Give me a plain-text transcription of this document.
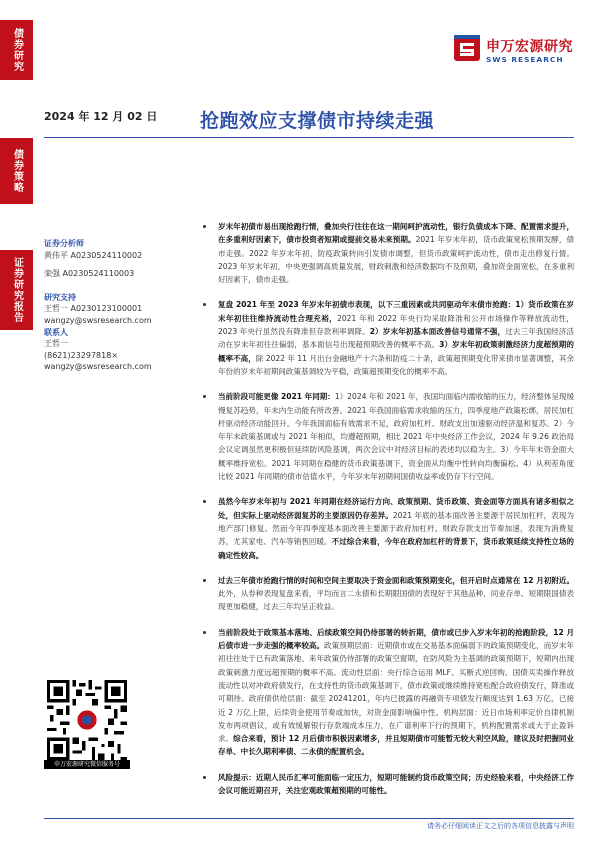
债券研究
债券策略
证券研究报告
申万宏源研究
SWS RESEARCH
2024 年 12 月 02 日 抢跑效应支撑债市持续走强
证券分析师
黄伟平 A0230524110002
栾强 A0230524110003
研究支持
王哲一 A0230123100001
wangzy@swsresearch.com
联系人
王哲一
(8621)23297818×
wangzy@swsresearch.com
申万宏源研究微信服务号
岁末年初债市易出现抢跑行情，叠加央行往往在这一期间呵护流动性，银行负债成本下降、配置需求提升，在多重利好因素下，债市投资者短期或提前交易未来预期。2021 年岁末年初，货币政策宽松预期发酵，债市走强。2022 年岁末年初，防疫政策转向引发债市调整，但货币政策呵护流动性，债市走出修复行情。2023 年岁末年初，中央更强调高质量发展，财政刺激和经济数据均不及预期，叠加资金面宽松，在多重利好因素下，债市走强。
复盘 2021 年至 2023 年岁末年初债市表现，以下三重因素或共同驱动年末债市抢跑：1）货币政策在岁末年初往往维持流动性合理充裕，2021 年和 2022 年央行均采取降准和公开市场操作等释放流动性，2023 年央行虽然没有降准但存款利率调降。2）岁末年初基本面改善信号通常不强，过去三年我国经济活动在岁末年初往往偏弱，基本面信号出现超预期改善的概率不高。3）岁末年初政策刺激经济力度超预期的概率不高，除 2022 年 11 月出台金融地产十六条和防疫二十条，政策超预期变化带来债市显著调整，其余年份的岁末年初期间政策基调较为平稳，政策超预期变化的概率不高。
当前阶段可能更像 2021 年同期：1）2024 年和 2021 年，我国均面临内需收缩的压力，经济整体呈现缓慢复苏趋势，年末内生动能有所改善。2021 年我国面临需求收缩的压力，四季度地产政策松绑，居民加杠杆驱动经济动能回升。今年我国面临有效需求不足，政府加杠杆、财政支出加速驱动经济温和复苏。2）今年年末政策基调或与 2021 年相似，均遵超预期，相比 2021 年中央经济工作会议，2024 年 9.26 政治局会议定调虽然更积极但延续防风险基调，两次会议中对经济目标的表述均以稳为主。3）今年年末资金面大概率维持宽松。2021 年同期在稳健的货币政策基调下，资金面从均衡中性转向均衡偏松。4）从利差角度比较 2021 年同期的债市估值水平，今年岁末年初期间国债收益率或仍存下行空间。
虽然今年岁末年初与 2021 年同期在经济运行方向、政策预期、货币政策、资金面等方面具有诸多相似之处，但实际上驱动经济弱复苏的主要原因仍存差异。2021 年底的基本面改善主要源于居民加杠杆，表现为地产部门修复。然而今年四季度基本面改善主要源于政府加杠杆、财政存款支出节奏加速，表现为消费复苏，尤其家电、汽车等销售回暖。不过综合来看，今年在政府加杠杆的背景下，货币政策延续支持性立场的确定性较高。
过去三年债市抢跑行情的时间和空间主要取决于资金面和政策预期变化，但开启时点通常在 12 月初附近。此外，从券种表现复盘来看，平均而言二永债和长期限国债的表现好于其他品种，同业存单、短期限国债表现更加稳健，过去三年均呈正收益。
当前阶段处于政策基本落地、后续政策空间仍待部署的转折期，债市或已步入岁末年初的抢跑阶段，12 月后债市进一步走强的概率较高。政策预期层面：近期债市或在交易基本面偏弱下的政策预期变化，而岁末年初往往处于已有政策落地、来年政策仍待部署的政策空窗期，在防风险为主基调的政策预期下，短期内出现政策刺激力度远超预期的概率不高。流动性层面：央行综合运用 MLF、买断式逆回购、国债买卖操作释放流动性以对冲政府债发行，在支持性的货币政策基调下，债市政策或继续维持宽松配合政府债发行，降准或可期待。政府债供给层面：截至 20241201，年内已披露的再融资专项债发行额度达到 1.63 万亿，已接近 2 万亿上限，后续资金使用节奏或加快，对资金面影响偏中性。机构层面：近日市场利率定价自律机制发布两项倡议，或有效缓解银行存款端成本压力，在广谱利率下行的预期下，机构配置需求或大于止盈诉求。综合来看，预计 12 月后债市积极因素增多，并且短期债市可能暂无较大利空风险，建议及时把握同业存单、中长久期利率债、二永债的配置机会。
风险提示：近期人民币汇率可能面临一定压力，短期可能制约货币政策空间；历史经验来看，中央经济工作会议可能近期召开，关注宏观政策超预期的可能性。
请务必仔细阅读正文之后的各项信息披露与声明
